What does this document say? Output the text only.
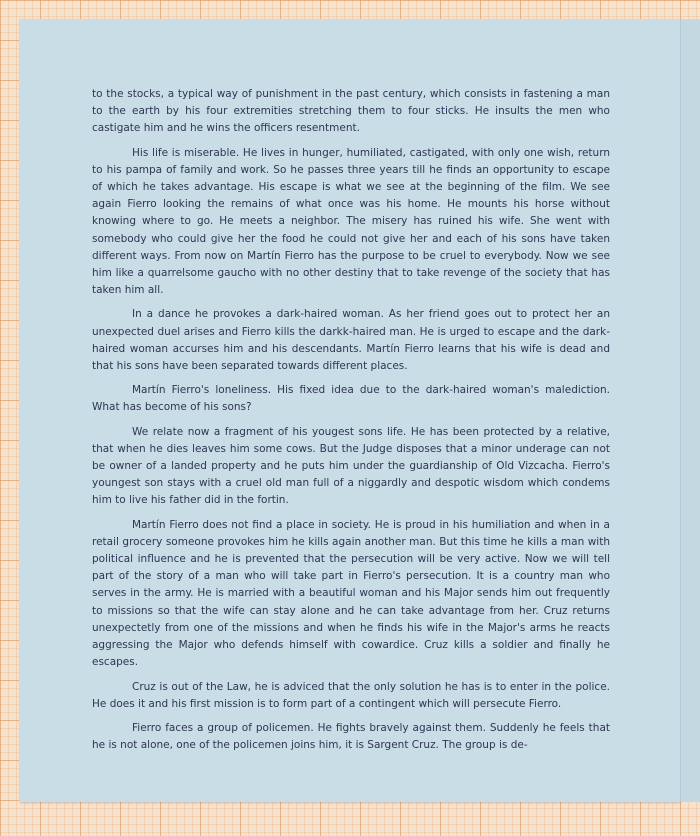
to the stocks, a typical way of punishment in the past century, which consists in fastening a man to the earth by his four extremities stretching them to four sticks. He insults the men who castigate him and he wins the officers resentment.

His life is miserable. He lives in hunger, humiliated, castigated, with only one wish, return to his pampa of family and work. So he passes three years till he finds an opportunity to escape of which he takes advantage. His escape is what we see at the beginning of the film. We see again Fierro looking the remains of what once was his home. He mounts his horse without knowing where to go. He meets a neighbor. The misery has ruined his wife. She went with somebody who could give her the food he could not give her and each of his sons have taken different ways. From now on Martín Fierro has the purpose to be cruel to everybody. Now we see him like a quarrelsome gaucho with no other destiny that to take revenge of the society that has taken him all.

In a dance he provokes a dark-haired woman. As her friend goes out to protect her an unexpected duel arises and Fierro kills the darkk-haired man. He is urged to escape and the dark-haired woman accurses him and his descendants. Martín Fierro learns that his wife is dead and that his sons have been separated towards different places.

Martín Fierro's loneliness. His fixed idea due to the dark-haired woman's malediction. What has become of his sons?

We relate now a fragment of his yougest sons life. He has been protected by a relative, that when he dies leaves him some cows. But the Judge disposes that a minor underage can not be owner of a landed property and he puts him under the guardianship of Old Vizcacha. Fierro's youngest son stays with a cruel old man full of a niggardly and despotic wisdom which condems him to live his father did in the fortin.

Martín Fierro does not find a place in society. He is proud in his humiliation and when in a retail grocery someone provokes him he kills again another man. But this time he kills a man with political influence and he is prevented that the persecution will be very active. Now we will tell part of the story of a man who will take part in Fierro's persecution. It is a country man who serves in the army. He is married with a beautiful woman and his Major sends him out frequently to missions so that the wife can stay alone and he can take advantage from her. Cruz returns unexpectetly from one of the missions and when he finds his wife in the Major's arms he reacts aggressing the Major who defends himself with cowardice. Cruz kills a soldier and finally he escapes.

Cruz is out of the Law, he is adviced that the only solution he has is to enter in the police. He does it and his first mission is to form part of a contingent which will persecute Fierro.

Fierro faces a group of policemen. He fights bravely against them. Suddenly he feels that he is not alone, one of the policemen joins him, it is Sargent Cruz. The group is de-
